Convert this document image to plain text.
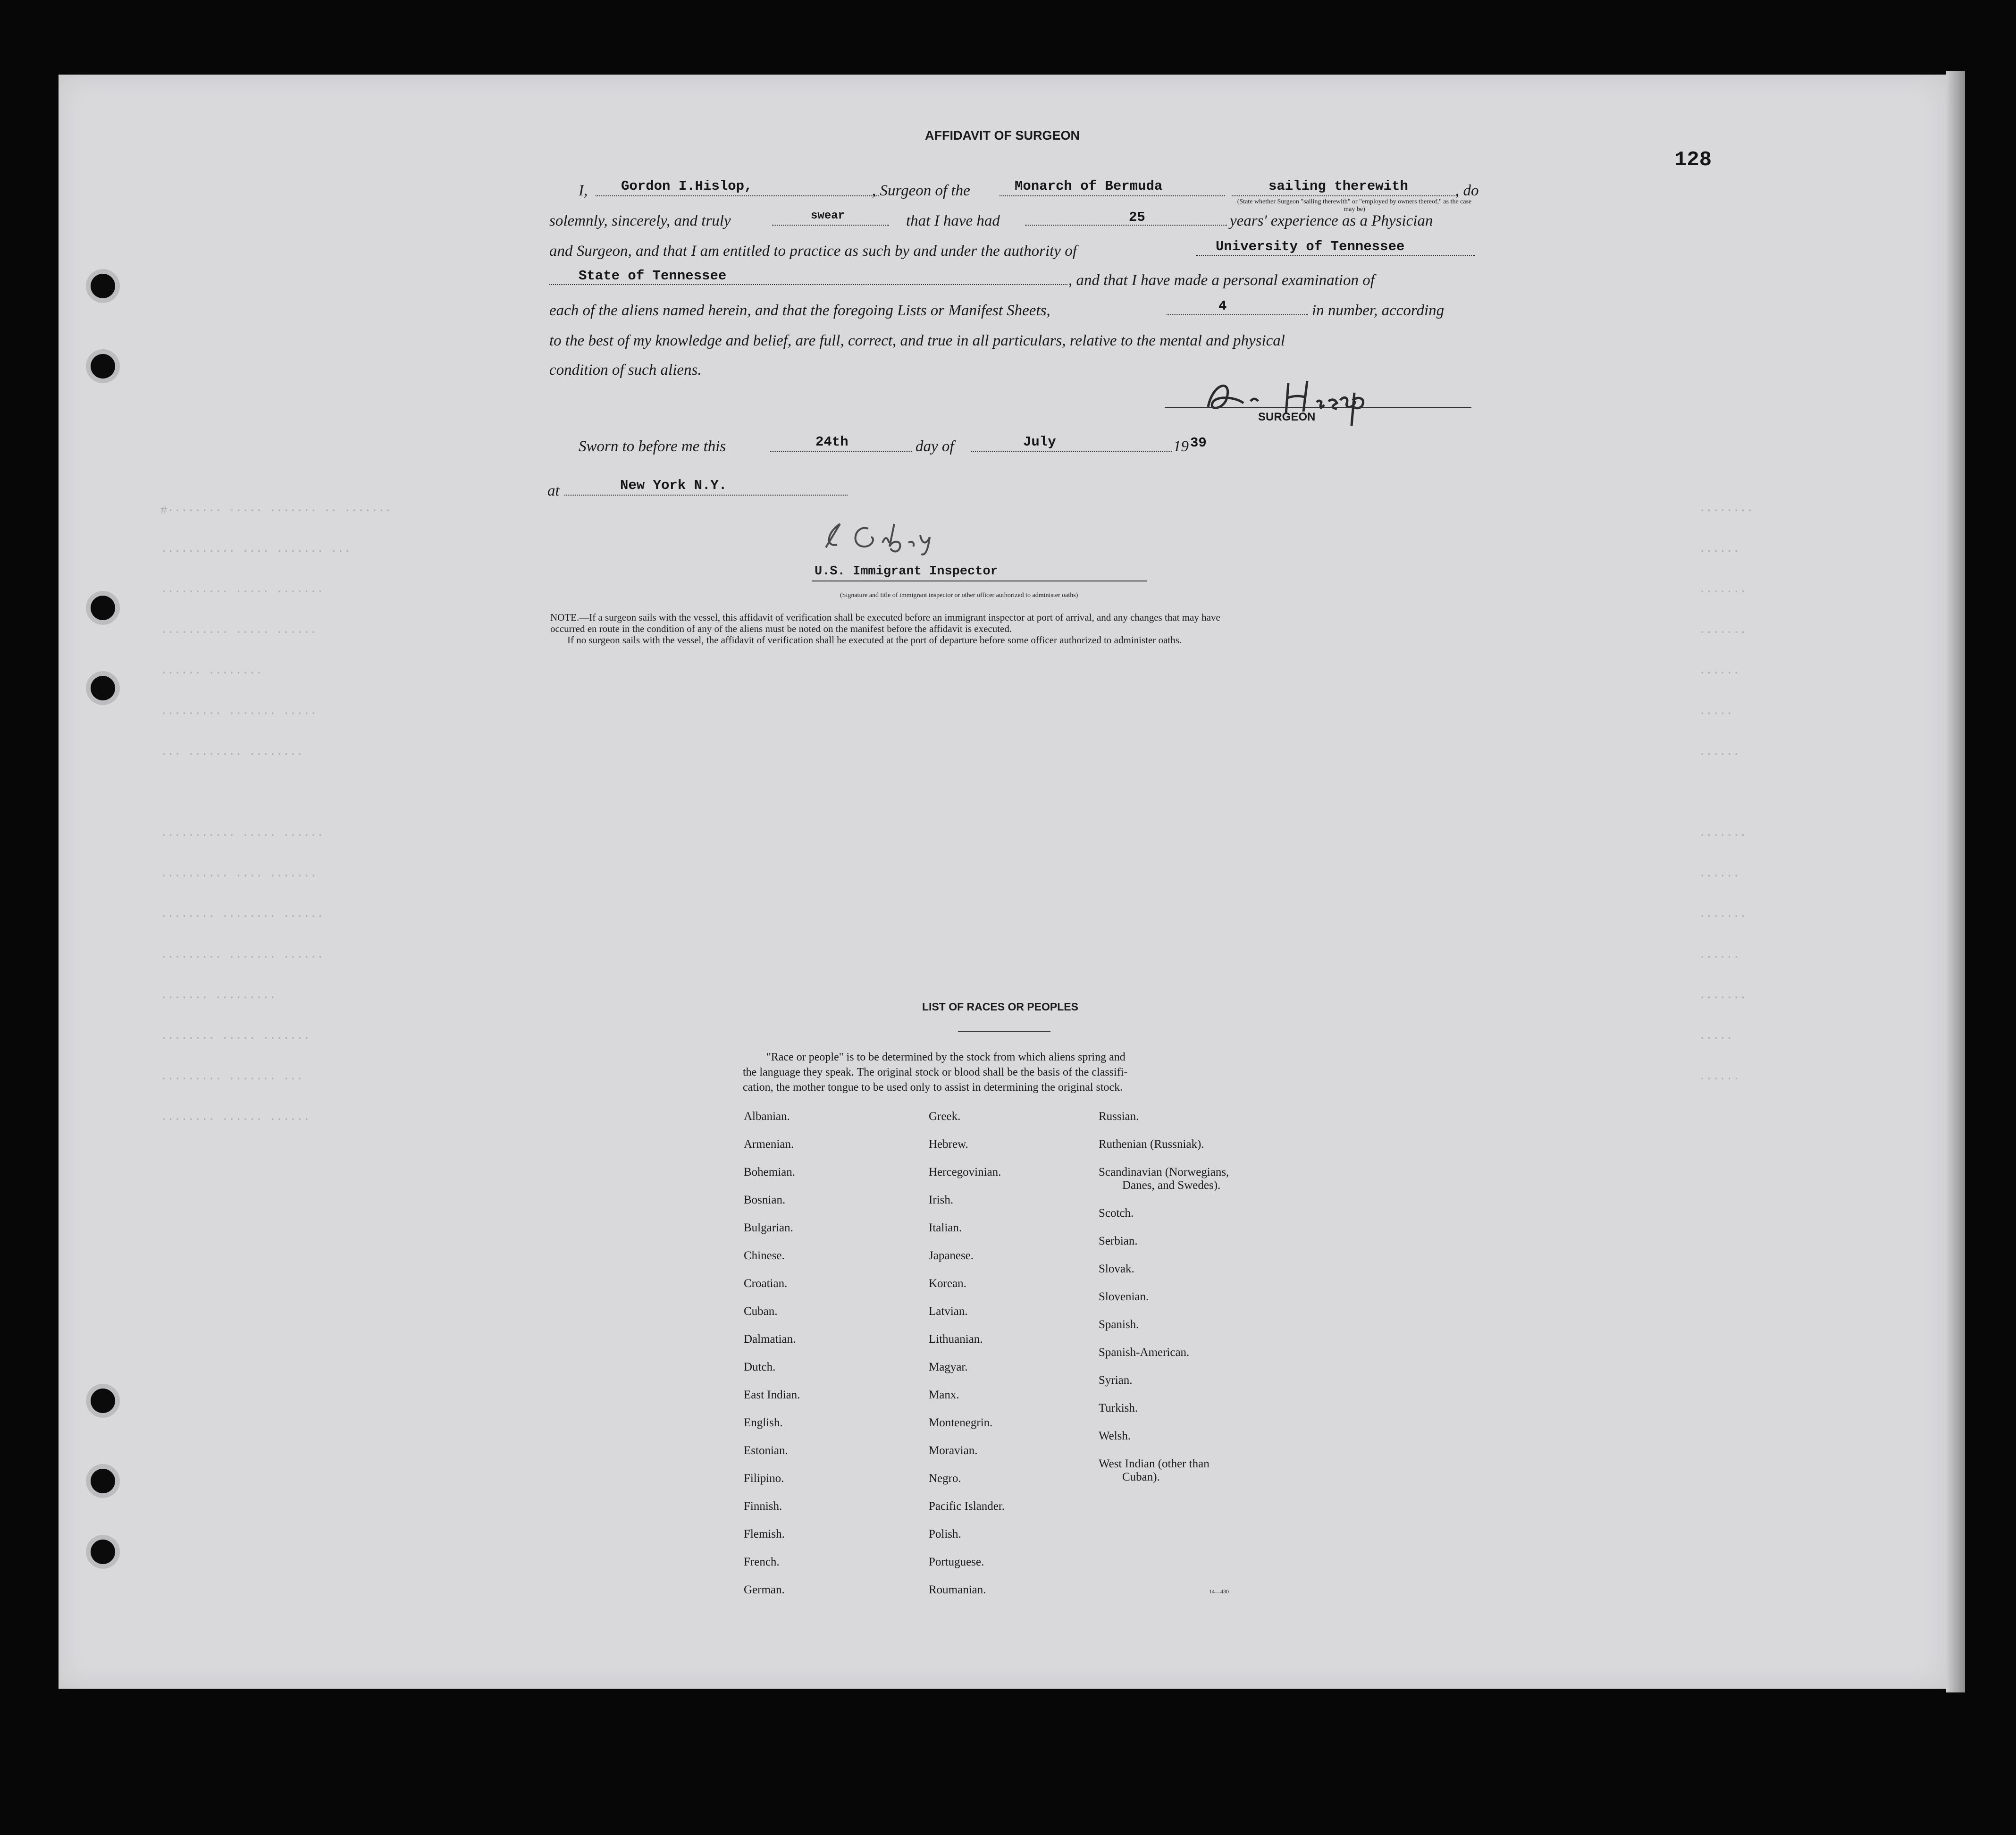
#········ ◦···· ······· ·· ·······
··········· ···· ······· ···
·········· ····· ·······
·········· ····· ······
······ ········
········· ······· ·····
··· ········ ········

··········· ····· ······
·········· ···· ·······
········ ········ ······
········· ······· ······
······· ·········
········ ····· ·······
········· ······· ···
········ ······ ······
········
······
·······
·······
······
·····
······

·······
······
·······
······
·······
·····
······
128
AFFIDAVIT OF SURGEON
I, Gordon I.Hislop,	, Surgeon of the	Monarch of Bermuda	sailing therewith	, do
(State whether Surgeon "sailing therewith" or "employed by owners thereof," as the case may be)
solemnly, sincerely, and truly	swear	that I have had	25	years' experience as a Physician
and Surgeon, and that I am entitled to practice as such by and under the authority of	University of Tennessee
State of Tennessee	, and that I have made a personal examination of
each of the aliens named herein, and that the foregoing Lists or Manifest Sheets,	4	in number, according
to the best of my knowledge and belief, are full, correct, and true in all particulars, relative to the mental and physical
condition of such aliens.
SURGEON
Sworn to before me this	24th	day of	July	19 39
at	New York N.Y.
U.S. Immigrant Inspector
(Signature and title of immigrant inspector or other officer authorized to administer oaths)
NOTE.—If a surgeon sails with the vessel, this affidavit of verification shall be executed before an immigrant inspector at port of arrival, and any changes that may have
occurred en route in the condition of any of the aliens must be noted on the manifest before the affidavit is executed.
If no surgeon sails with the vessel, the affidavit of verification shall be executed at the port of departure before some officer authorized to administer oaths.
LIST OF RACES OR PEOPLES
"Race or people" is to be determined by the stock from which aliens spring and
the language they speak. The original stock or blood shall be the basis of the classifi-
cation, the mother tongue to be used only to assist in determining the original stock.
Albanian.
Armenian.
Bohemian.
Bosnian.
Bulgarian.
Chinese.
Croatian.
Cuban.
Dalmatian.
Dutch.
East Indian.
English.
Estonian.
Filipino.
Finnish.
Flemish.
French.
German.
Greek.
Hebrew.
Hercegovinian.
Irish.
Italian.
Japanese.
Korean.
Latvian.
Lithuanian.
Magyar.
Manx.
Montenegrin.
Moravian.
Negro.
Pacific Islander.
Polish.
Portuguese.
Roumanian.
Russian.
Ruthenian (Russniak).
Scandinavian (Norwegians,
Danes, and Swedes).
Scotch.
Serbian.
Slovak.
Slovenian.
Spanish.
Spanish-American.
Syrian.
Turkish.
Welsh.
West Indian (other than
Cuban).
14—430
